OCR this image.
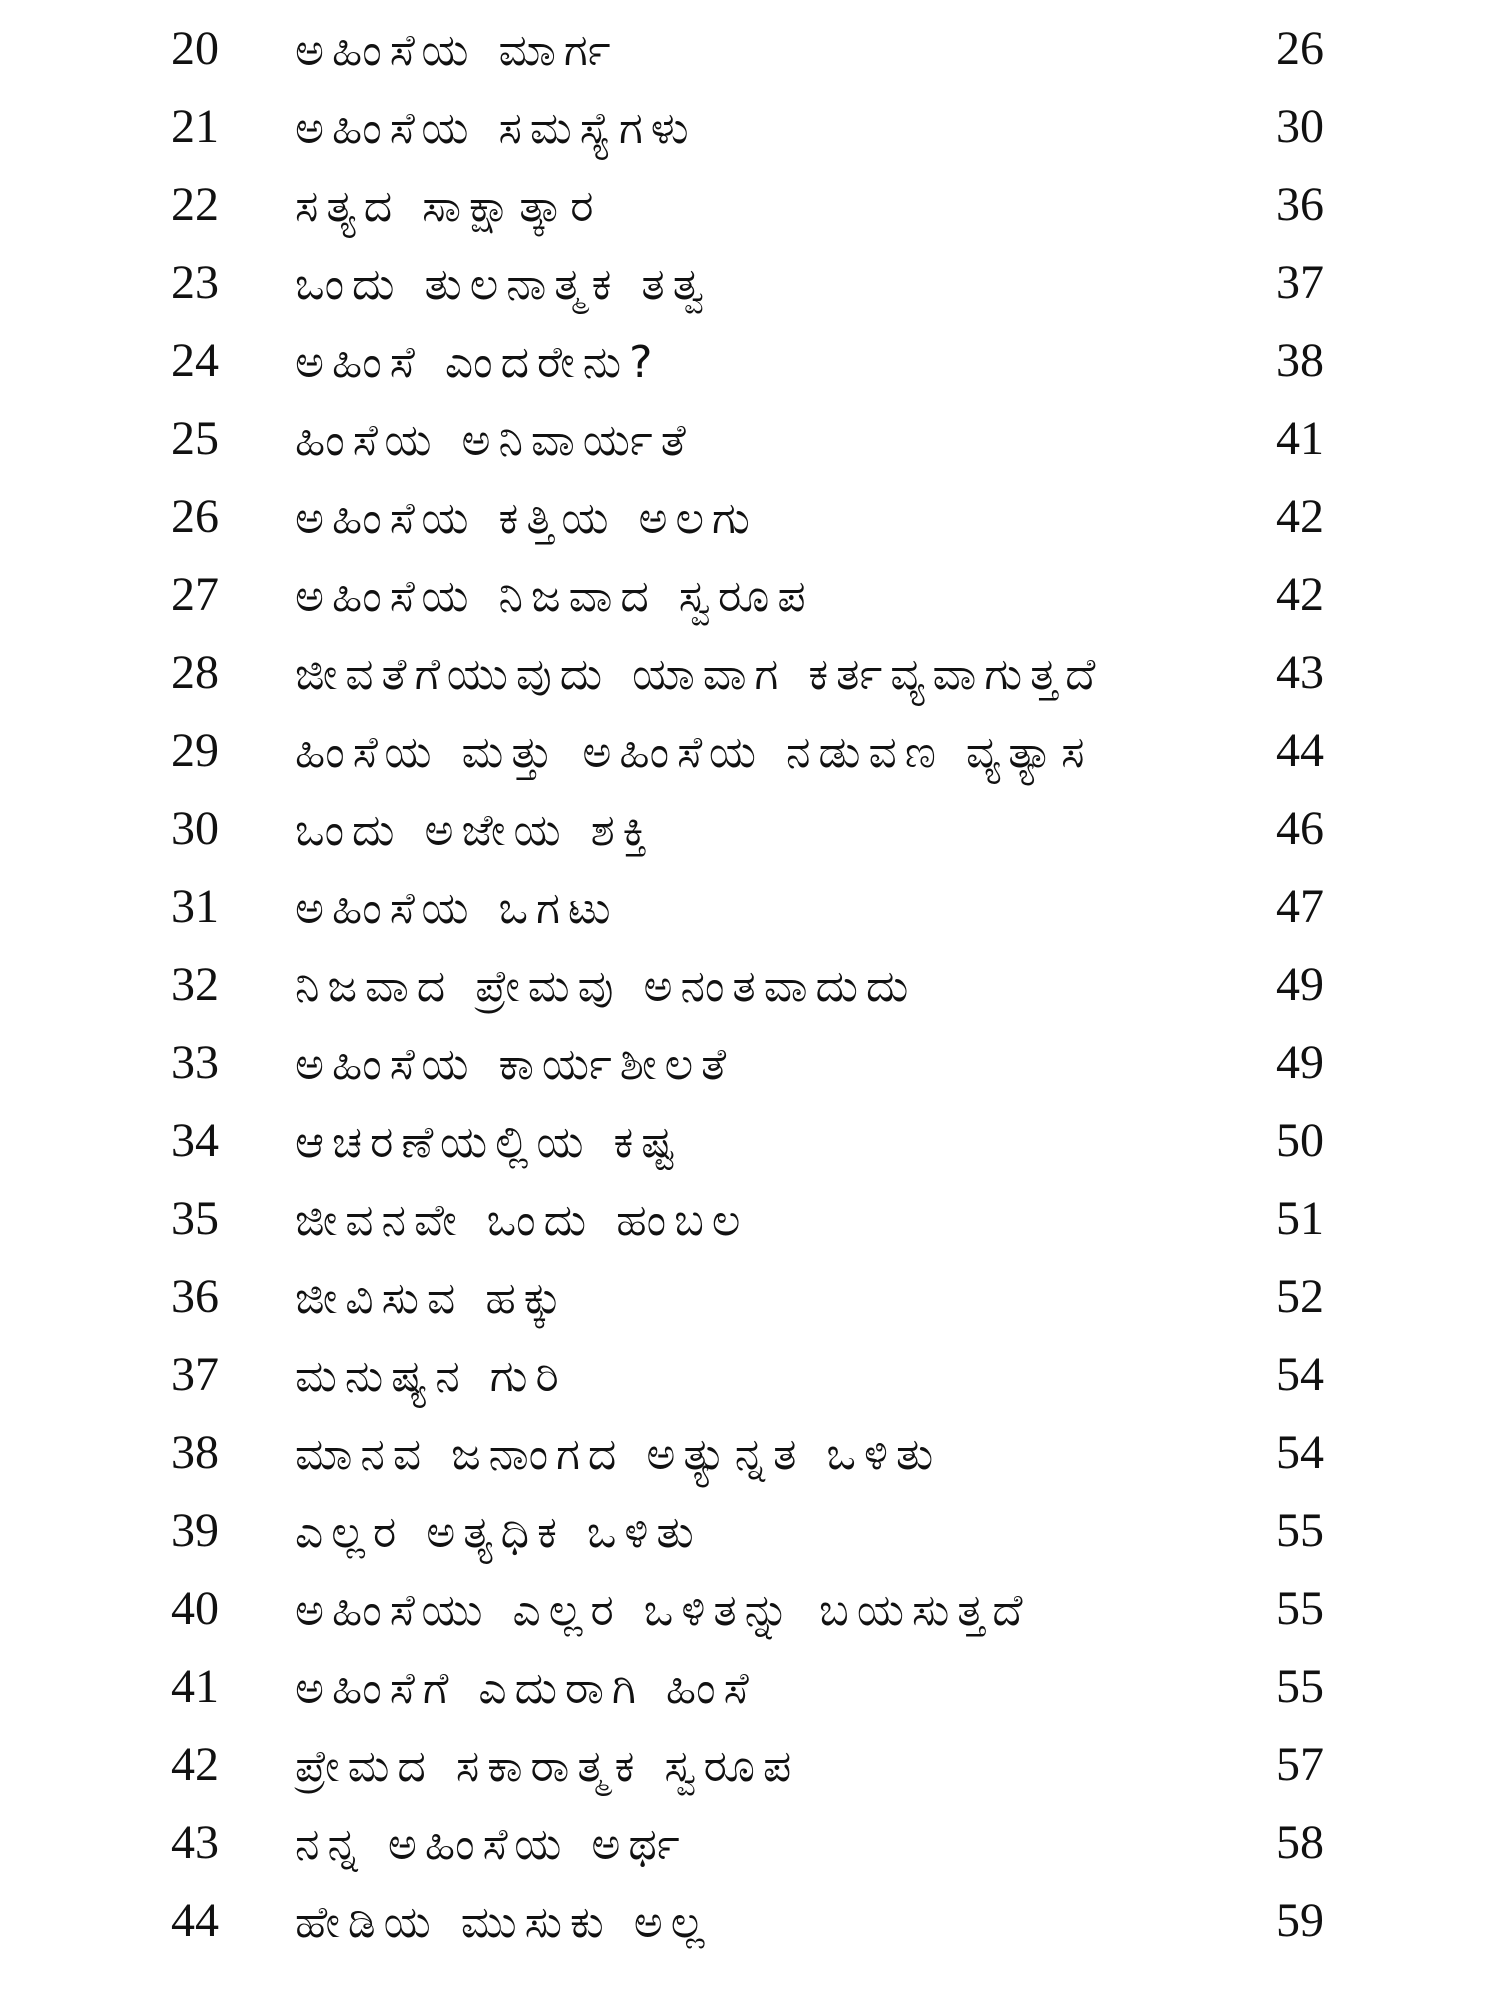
20	ಅಹಿಂಸೆಯ ಮಾರ್ಗ	26
21	ಅಹಿಂಸೆಯ ಸಮಸ್ಯೆಗಳು	30
22	ಸತ್ಯದ ಸಾಕ್ಷಾತ್ಕಾರ	36
23	ಒಂದು ತುಲನಾತ್ಮಕ ತತ್ವ	37
24	ಅಹಿಂಸೆ ಎಂದರೇನು?	38
25	ಹಿಂಸೆಯ ಅನಿವಾರ್ಯತೆ	41
26	ಅಹಿಂಸೆಯ ಕತ್ತಿಯ ಅಲಗು	42
27	ಅಹಿಂಸೆಯ ನಿಜವಾದ ಸ್ವರೂಪ	42
28	ಜೀವತೆಗೆಯುವುದು ಯಾವಾಗ ಕರ್ತವ್ಯವಾಗುತ್ತದೆ	43
29	ಹಿಂಸೆಯ ಮತ್ತು ಅಹಿಂಸೆಯ ನಡುವಣ ವ್ಯತ್ಯಾಸ	44
30	ಒಂದು ಅಜೇಯ ಶಕ್ತಿ	46
31	ಅಹಿಂಸೆಯ ಒಗಟು	47
32	ನಿಜವಾದ ಪ್ರೇಮವು ಅನಂತವಾದುದು	49
33	ಅಹಿಂಸೆಯ ಕಾರ್ಯಶೀಲತೆ	49
34	ಆಚರಣೆಯಲ್ಲಿಯ ಕಷ್ಟ	50
35	ಜೀವನವೇ ಒಂದು ಹಂಬಲ	51
36	ಜೀವಿಸುವ ಹಕ್ಕು	52
37	ಮನುಷ್ಯನ ಗುರಿ	54
38	ಮಾನವ ಜನಾಂಗದ ಅತ್ಯುನ್ನತ ಒಳಿತು	54
39	ಎಲ್ಲರ ಅತ್ಯಧಿಕ ಒಳಿತು	55
40	ಅಹಿಂಸೆಯು ಎಲ್ಲರ ಒಳಿತನ್ನು ಬಯಸುತ್ತದೆ	55
41	ಅಹಿಂಸೆಗೆ ಎದುರಾಗಿ ಹಿಂಸೆ	55
42	ಪ್ರೇಮದ ಸಕಾರಾತ್ಮಕ ಸ್ವರೂಪ	57
43	ನನ್ನ ಅಹಿಂಸೆಯ ಅರ್ಥ	58
44	ಹೇಡಿಯ ಮುಸುಕು ಅಲ್ಲ	59
